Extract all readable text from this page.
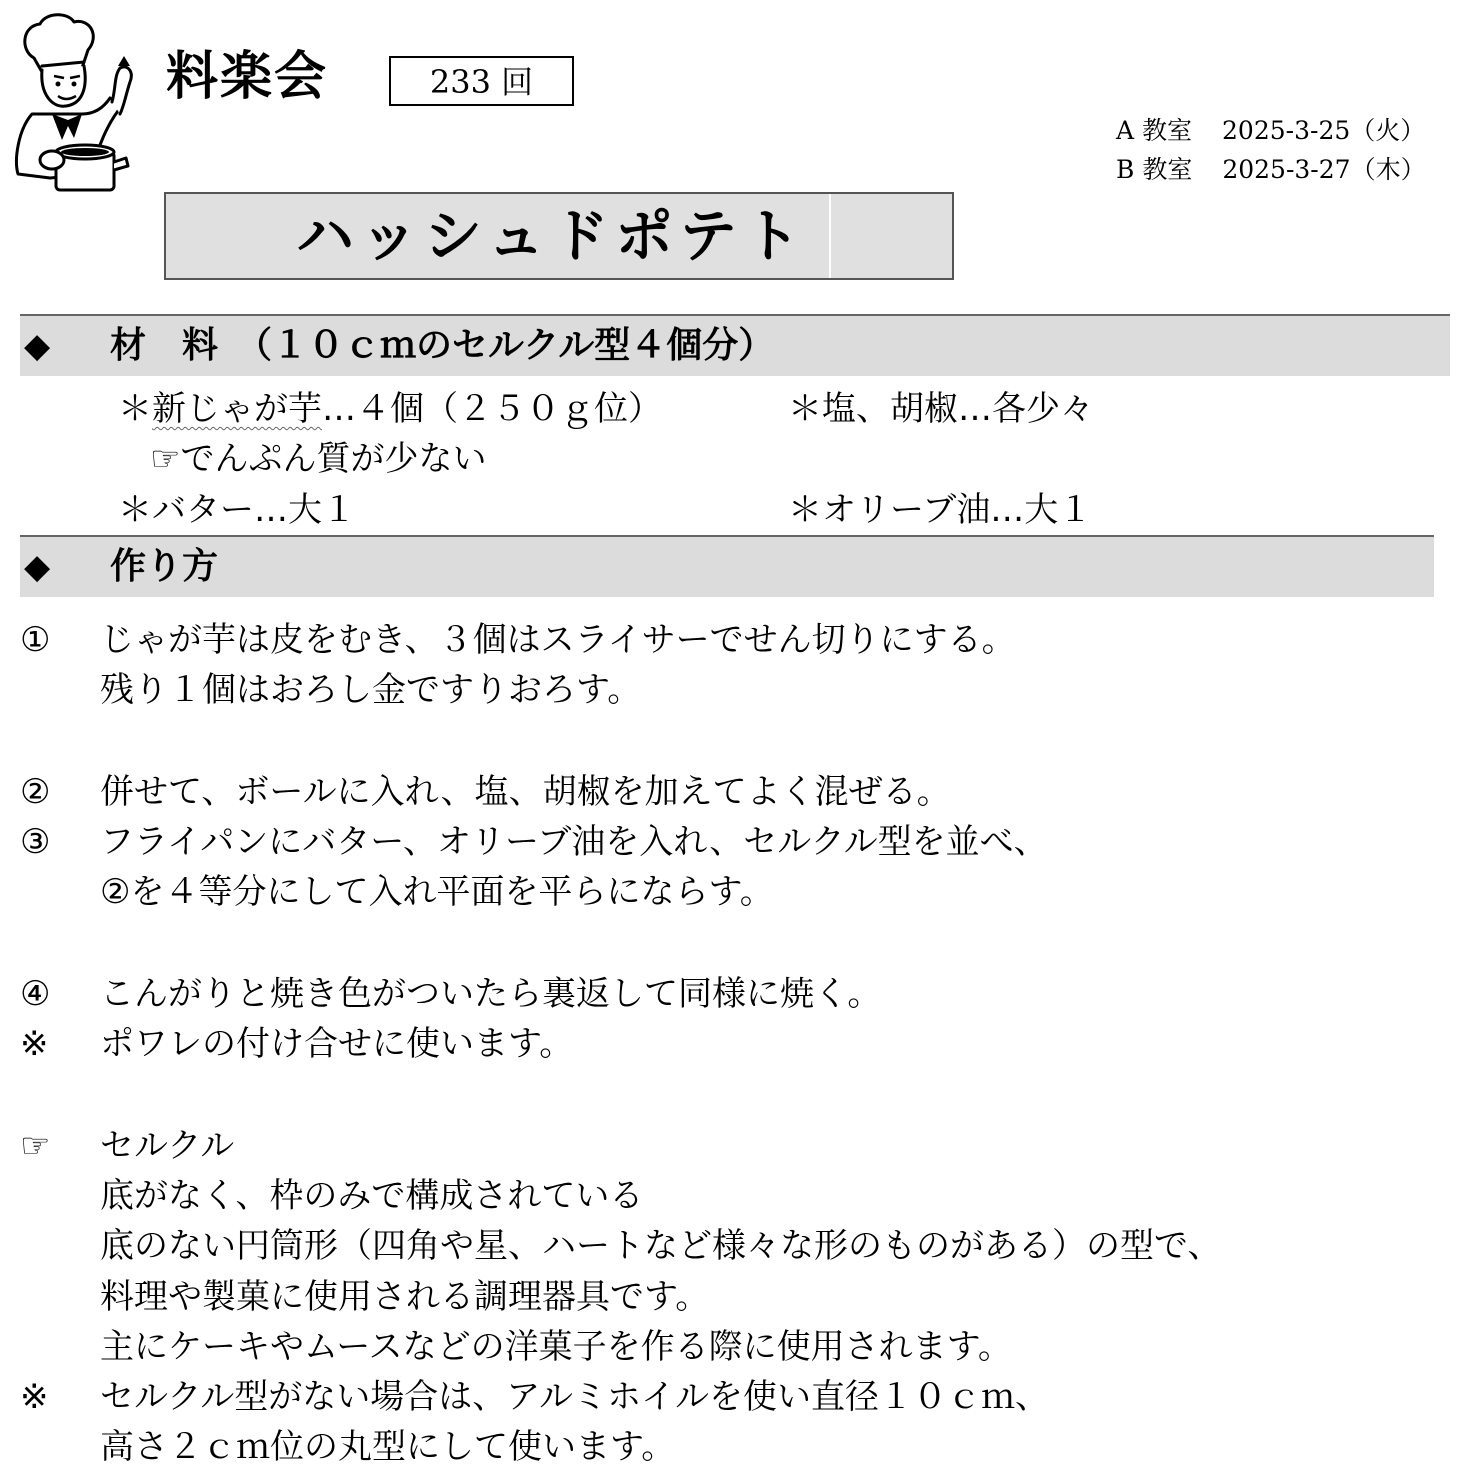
料楽会	233 回
A 教室 2025-3-25（火）
B 教室 2025-3-27（木）
ハッシュドポテト
◆ 材　料　（１０ｃｍのセルクル型４個分）
＊新じゃが芋…４個（２５０ｇ位）	＊塩、胡椒…各少々
☞でんぷん質が少ない
＊バター…大１	＊オリーブ油…大１
◆ 作り方
① じゃが芋は皮をむき、３個はスライサーでせん切りにする。
残り１個はおろし金ですりおろす。
② 併せて、ボールに入れ、塩、胡椒を加えてよく混ぜる。
③ フライパンにバター、オリーブ油を入れ、セルクル型を並べ、
②を４等分にして入れ平面を平らにならす。
④ こんがりと焼き色がついたら裏返して同様に焼く。
※ ポワレの付け合せに使います。
☞ セルクル
底がなく、枠のみで構成されている
底のない円筒形（四角や星、ハートなど様々な形のものがある）の型で、
料理や製菓に使用される調理器具です。
主にケーキやムースなどの洋菓子を作る際に使用されます。
※ セルクル型がない場合は、アルミホイルを使い直径１０ｃｍ、
高さ２ｃｍ位の丸型にして使います。
